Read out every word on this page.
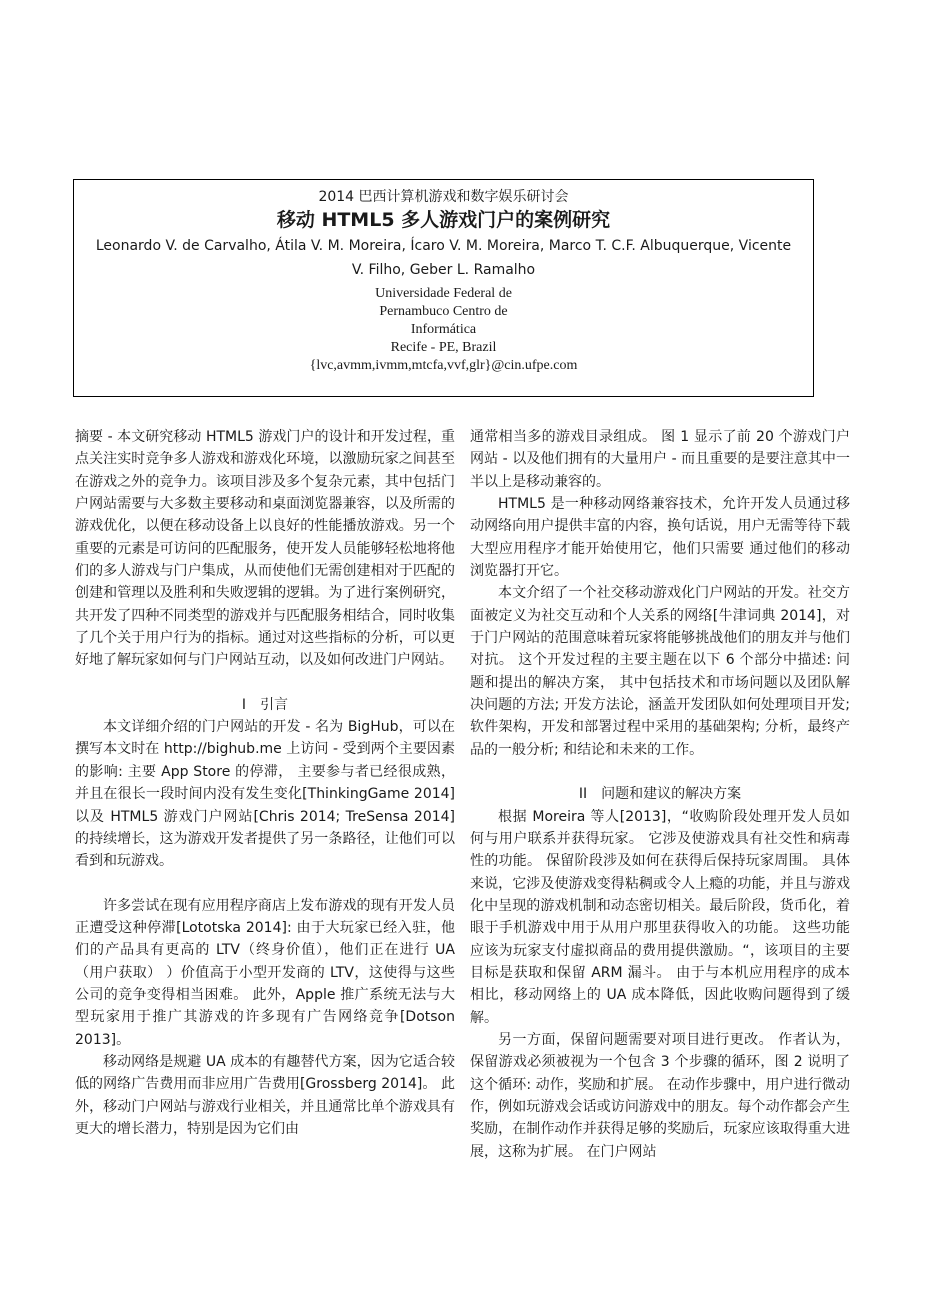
2014 巴西计算机游戏和数字娱乐研讨会
移动 HTML5 多人游戏门户的案例研究
Leonardo V. de Carvalho, Átila V. M. Moreira, Ícaro V. M. Moreira, Marco T. C.F. Albuquerque, Vicente V. Filho, Geber L. Ramalho
Universidade Federal de
Pernambuco Centro de
Informática
Recife - PE, Brazil
{lvc,avmm,ivmm,mtcfa,vvf,glr}@cin.ufpe.com

摘要 - 本文研究移动 HTML5 游戏门户的设计和开发过程，重点关注实时竞争多人游戏和游戏化环境，以激励玩家之间甚至在游戏之外的竞争力。该项目涉及多个复杂元素，其中包括门户网站需要与大多数主要移动和桌面浏览器兼容，以及所需的游戏优化，以便在移动设备上以良好的性能播放游戏。另一个重要的元素是可访问的匹配服务，使开发人员能够轻松地将他们的多人游戏与门户集成，从而使他们无需创建相对于匹配的创建和管理以及胜利和失败逻辑的逻辑。为了进行案例研究，共开发了四种不同类型的游戏并与匹配服务相结合，同时收集了几个关于用户行为的指标。通过对这些指标的分析，可以更好地了解玩家如何与门户网站互动，以及如何改进门户网站。

I 引言

本文详细介绍的门户网站的开发 - 名为 BigHub，可以在撰写本文时在 http://bighub.me 上访问 - 受到两个主要因素的影响: 主要 App Store 的停滞， 主要参与者已经很成熟，并且在很长一段时间内没有发生变化[ThinkingGame 2014]以及 HTML5 游戏门户网站[Chris 2014; TreSensa 2014]的持续增长，这为游戏开发者提供了另一条路径，让他们可以看到和玩游戏。

许多尝试在现有应用程序商店上发布游戏的现有开发人员正遭受这种停滞[Lototska 2014]: 由于大玩家已经入驻，他们的产品具有更高的 LTV（终身价值），他们正在进行 UA（用户获取） ）价值高于小型开发商的 LTV，这使得与这些公司的竞争变得相当困难。 此外，Apple 推广系统无法与大型玩家用于推广其游戏的许多现有广告网络竞争[Dotson 2013]。

移动网络是规避 UA 成本的有趣替代方案，因为它适合较低的网络广告费用而非应用广告费用[Grossberg 2014]。 此外，移动门户网站与游戏行业相关，并且通常比单个游戏具有更大的增长潜力，特别是因为它们由

通常相当多的游戏目录组成。 图 1 显示了前 20 个游戏门户网站 - 以及他们拥有的大量用户 - 而且重要的是要注意其中一半以上是移动兼容的。

HTML5 是一种移动网络兼容技术，允许开发人员通过移动网络向用户提供丰富的内容，换句话说，用户无需等待下载大型应用程序才能开始使用它，他们只需要 通过他们的移动浏览器打开它。

本文介绍了一个社交移动游戏化门户网站的开发。社交方面被定义为社交互动和个人关系的网络[牛津词典 2014]，对于门户网站的范围意味着玩家将能够挑战他们的朋友并与他们对抗。 这个开发过程的主要主题在以下 6 个部分中描述: 问题和提出的解决方案， 其中包括技术和市场问题以及团队解决问题的方法; 开发方法论，涵盖开发团队如何处理项目开发; 软件架构，开发和部署过程中采用的基础架构; 分析，最终产品的一般分析; 和结论和未来的工作。

II 问题和建议的解决方案

根据 Moreira 等人[2013]，“收购阶段处理开发人员如何与用户联系并获得玩家。 它涉及使游戏具有社交性和病毒性的功能。 保留阶段涉及如何在获得后保持玩家周围。 具体来说，它涉及使游戏变得粘稠或令人上瘾的功能，并且与游戏化中呈现的游戏机制和动态密切相关。最后阶段，货币化，着眼于手机游戏中用于从用户那里获得收入的功能。 这些功能应该为玩家支付虚拟商品的费用提供激励。“，该项目的主要目标是获取和保留 ARM 漏斗。 由于与本机应用程序的成本相比，移动网络上的 UA 成本降低，因此收购问题得到了缓解。

另一方面，保留问题需要对项目进行更改。 作者认为，保留游戏必须被视为一个包含 3 个步骤的循环，图 2 说明了这个循环: 动作，奖励和扩展。 在动作步骤中，用户进行微动作，例如玩游戏会话或访问游戏中的朋友。每个动作都会产生奖励，在制作动作并获得足够的奖励后，玩家应该取得重大进展，这称为扩展。 在门户网站
